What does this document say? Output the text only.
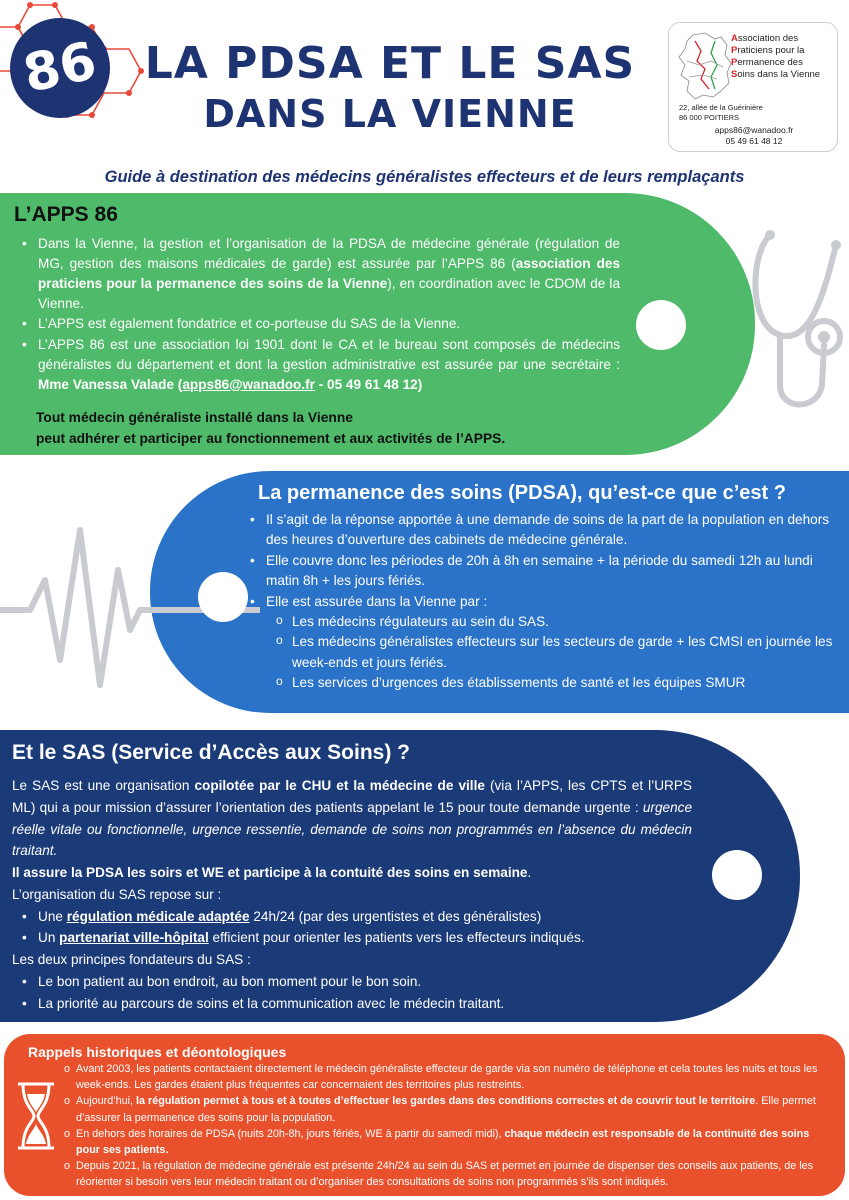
86 LA PDSA ET LE SAS
DANS LA VIENNE
Association des
Praticiens pour la
Permanence des
Soins dans la Vienne
22, allée de la Guérinière
86 000 POITIERS
apps86@wanadoo.fr
05 49 61 48 12
Guide à destination des médecins généralistes effecteurs et de leurs remplaçants
L’APPS 86
• Dans la Vienne, la gestion et l’organisation de la PDSA de médecine générale (régulation de MG, gestion des maisons médicales de garde) est assurée par l’APPS 86 (association des praticiens pour la permanence des soins de la Vienne), en coordination avec le CDOM de la Vienne.
• L’APPS est également fondatrice et co-porteuse du SAS de la Vienne.
• L’APPS 86 est une association loi 1901 dont le CA et le bureau sont composés de médecins généralistes du département et dont la gestion administrative est assurée par une secrétaire : Mme Vanessa Valade (apps86@wanadoo.fr - 05 49 61 48 12)
Tout médecin généraliste installé dans la Vienne
peut adhérer et participer au fonctionnement et aux activités de l’APPS.
La permanence des soins (PDSA), qu’est-ce que c’est ?
• Il s’agit de la réponse apportée à une demande de soins de la part de la population en dehors des heures d’ouverture des cabinets de médecine générale.
• Elle couvre donc les périodes de 20h à 8h en semaine + la période du samedi 12h au lundi matin 8h + les jours fériés.
• Elle est assurée dans la Vienne par :
o Les médecins régulateurs au sein du SAS.
o Les médecins généralistes effecteurs sur les secteurs de garde + les CMSI en journée les week-ends et jours fériés.
o Les services d’urgences des établissements de santé et les équipes SMUR
Et le SAS (Service d’Accès aux Soins) ?
Le SAS est une organisation copilotée par le CHU et la médecine de ville (via l’APPS, les CPTS et l’URPS ML) qui a pour mission d’assurer l’orientation des patients appelant le 15 pour toute demande urgente : urgence réelle vitale ou fonctionnelle, urgence ressentie, demande de soins non programmés en l’absence du médecin traitant.
Il assure la PDSA les soirs et WE et participe à la contuité des soins en semaine.
L’organisation du SAS repose sur :
• Une régulation médicale adaptée 24h/24 (par des urgentistes et des généralistes)
• Un partenariat ville-hôpital efficient pour orienter les patients vers les effecteurs indiqués.
Les deux principes fondateurs du SAS :
• Le bon patient au bon endroit, au bon moment pour le bon soin.
• La priorité au parcours de soins et la communication avec le médecin traitant.
Rappels historiques et déontologiques
o Avant 2003, les patients contactaient directement le médecin généraliste effecteur de garde via son numéro de téléphone et cela toutes les nuits et tous les week-ends. Les gardes étaient plus fréquentes car concernaient des territoires plus restreints.
o Aujourd’hui, la régulation permet à tous et à toutes d’effectuer les gardes dans des conditions correctes et de couvrir tout le territoire. Elle permet d’assurer la permanence des soins pour la population.
o En dehors des horaires de PDSA (nuits 20h-8h, jours fériés, WE à partir du samedi midi), chaque médecin est responsable de la continuité des soins pour ses patients.
o Depuis 2021, la régulation de médecine générale est présente 24h/24 au sein du SAS et permet en journée de dispenser des conseils aux patients, de les réorienter si besoin vers leur médecin traitant ou d’organiser des consultations de soins non programmés s’ils sont indiqués.
